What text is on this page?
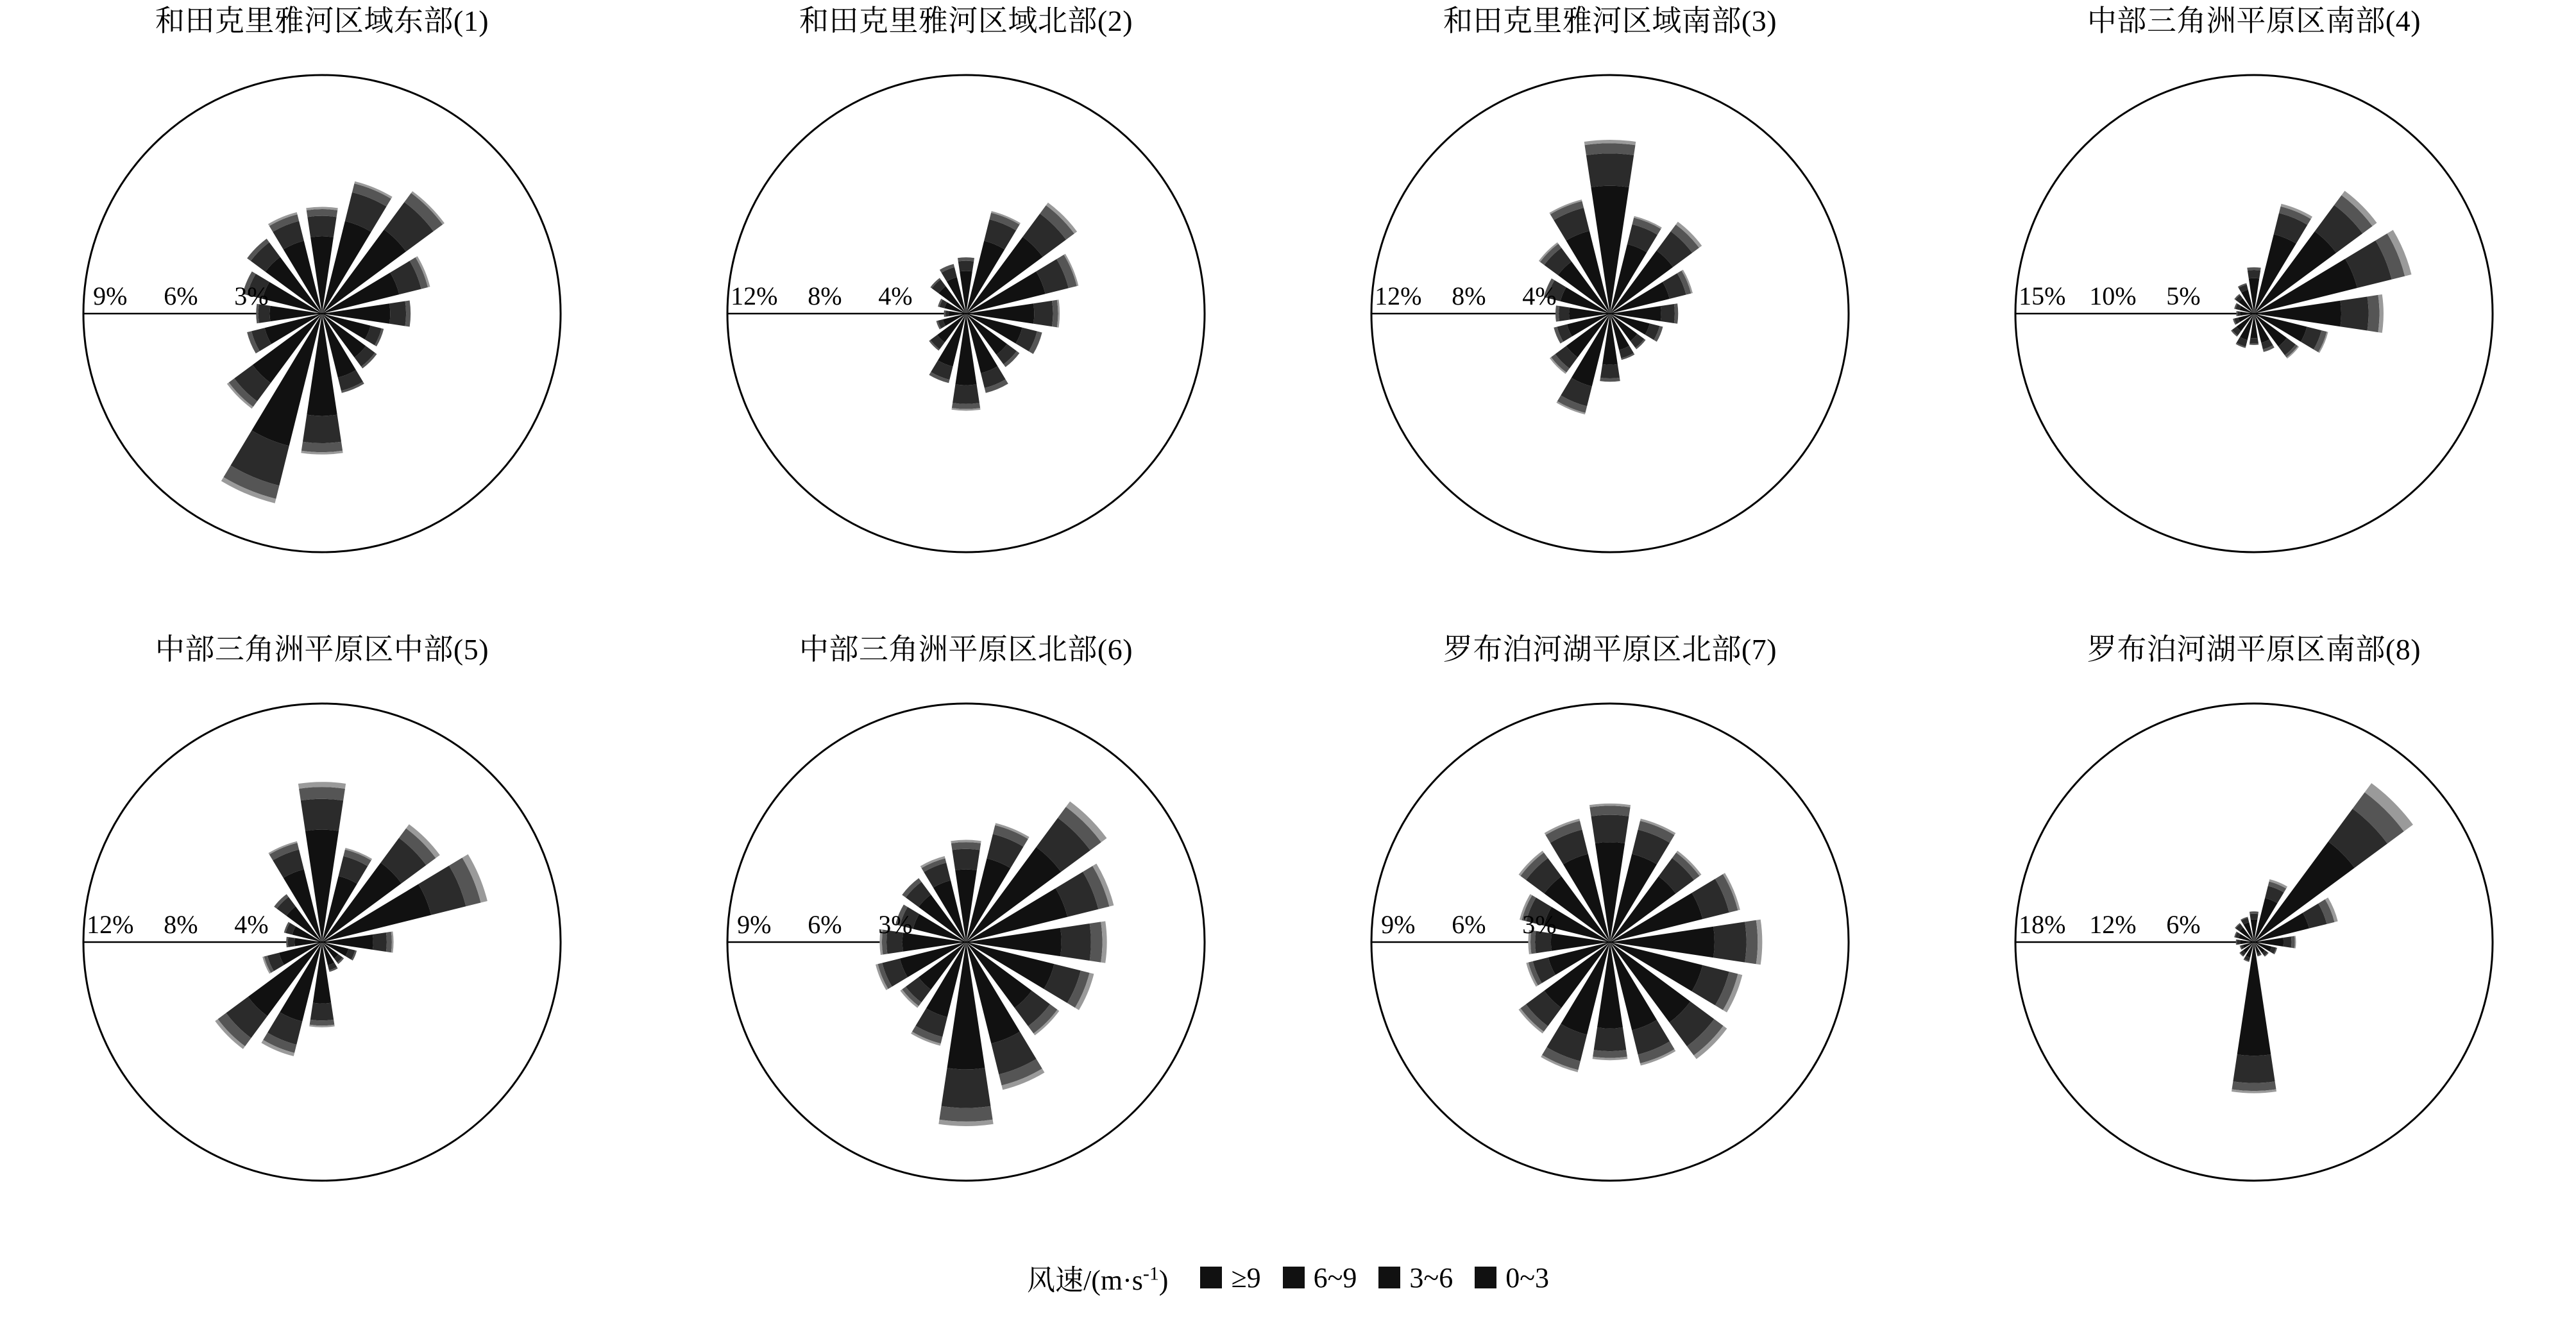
和田克里雅河区域东部(1)
9% 6% 3%
和田克里雅河区域北部(2)
12% 8% 4%
和田克里雅河区域南部(3)
12% 8% 4%
中部三角洲平原区南部(4)
15% 10% 5%
中部三角洲平原区中部(5)
12% 8% 4%
中部三角洲平原区北部(6)
9% 6% 3%
罗布泊河湖平原区北部(7)
9% 6% 3%
罗布泊河湖平原区南部(8)
18% 12% 6%
风速$/(m\cdot s^{-1}) \ge 9$ 6~9 3~6 0~3
